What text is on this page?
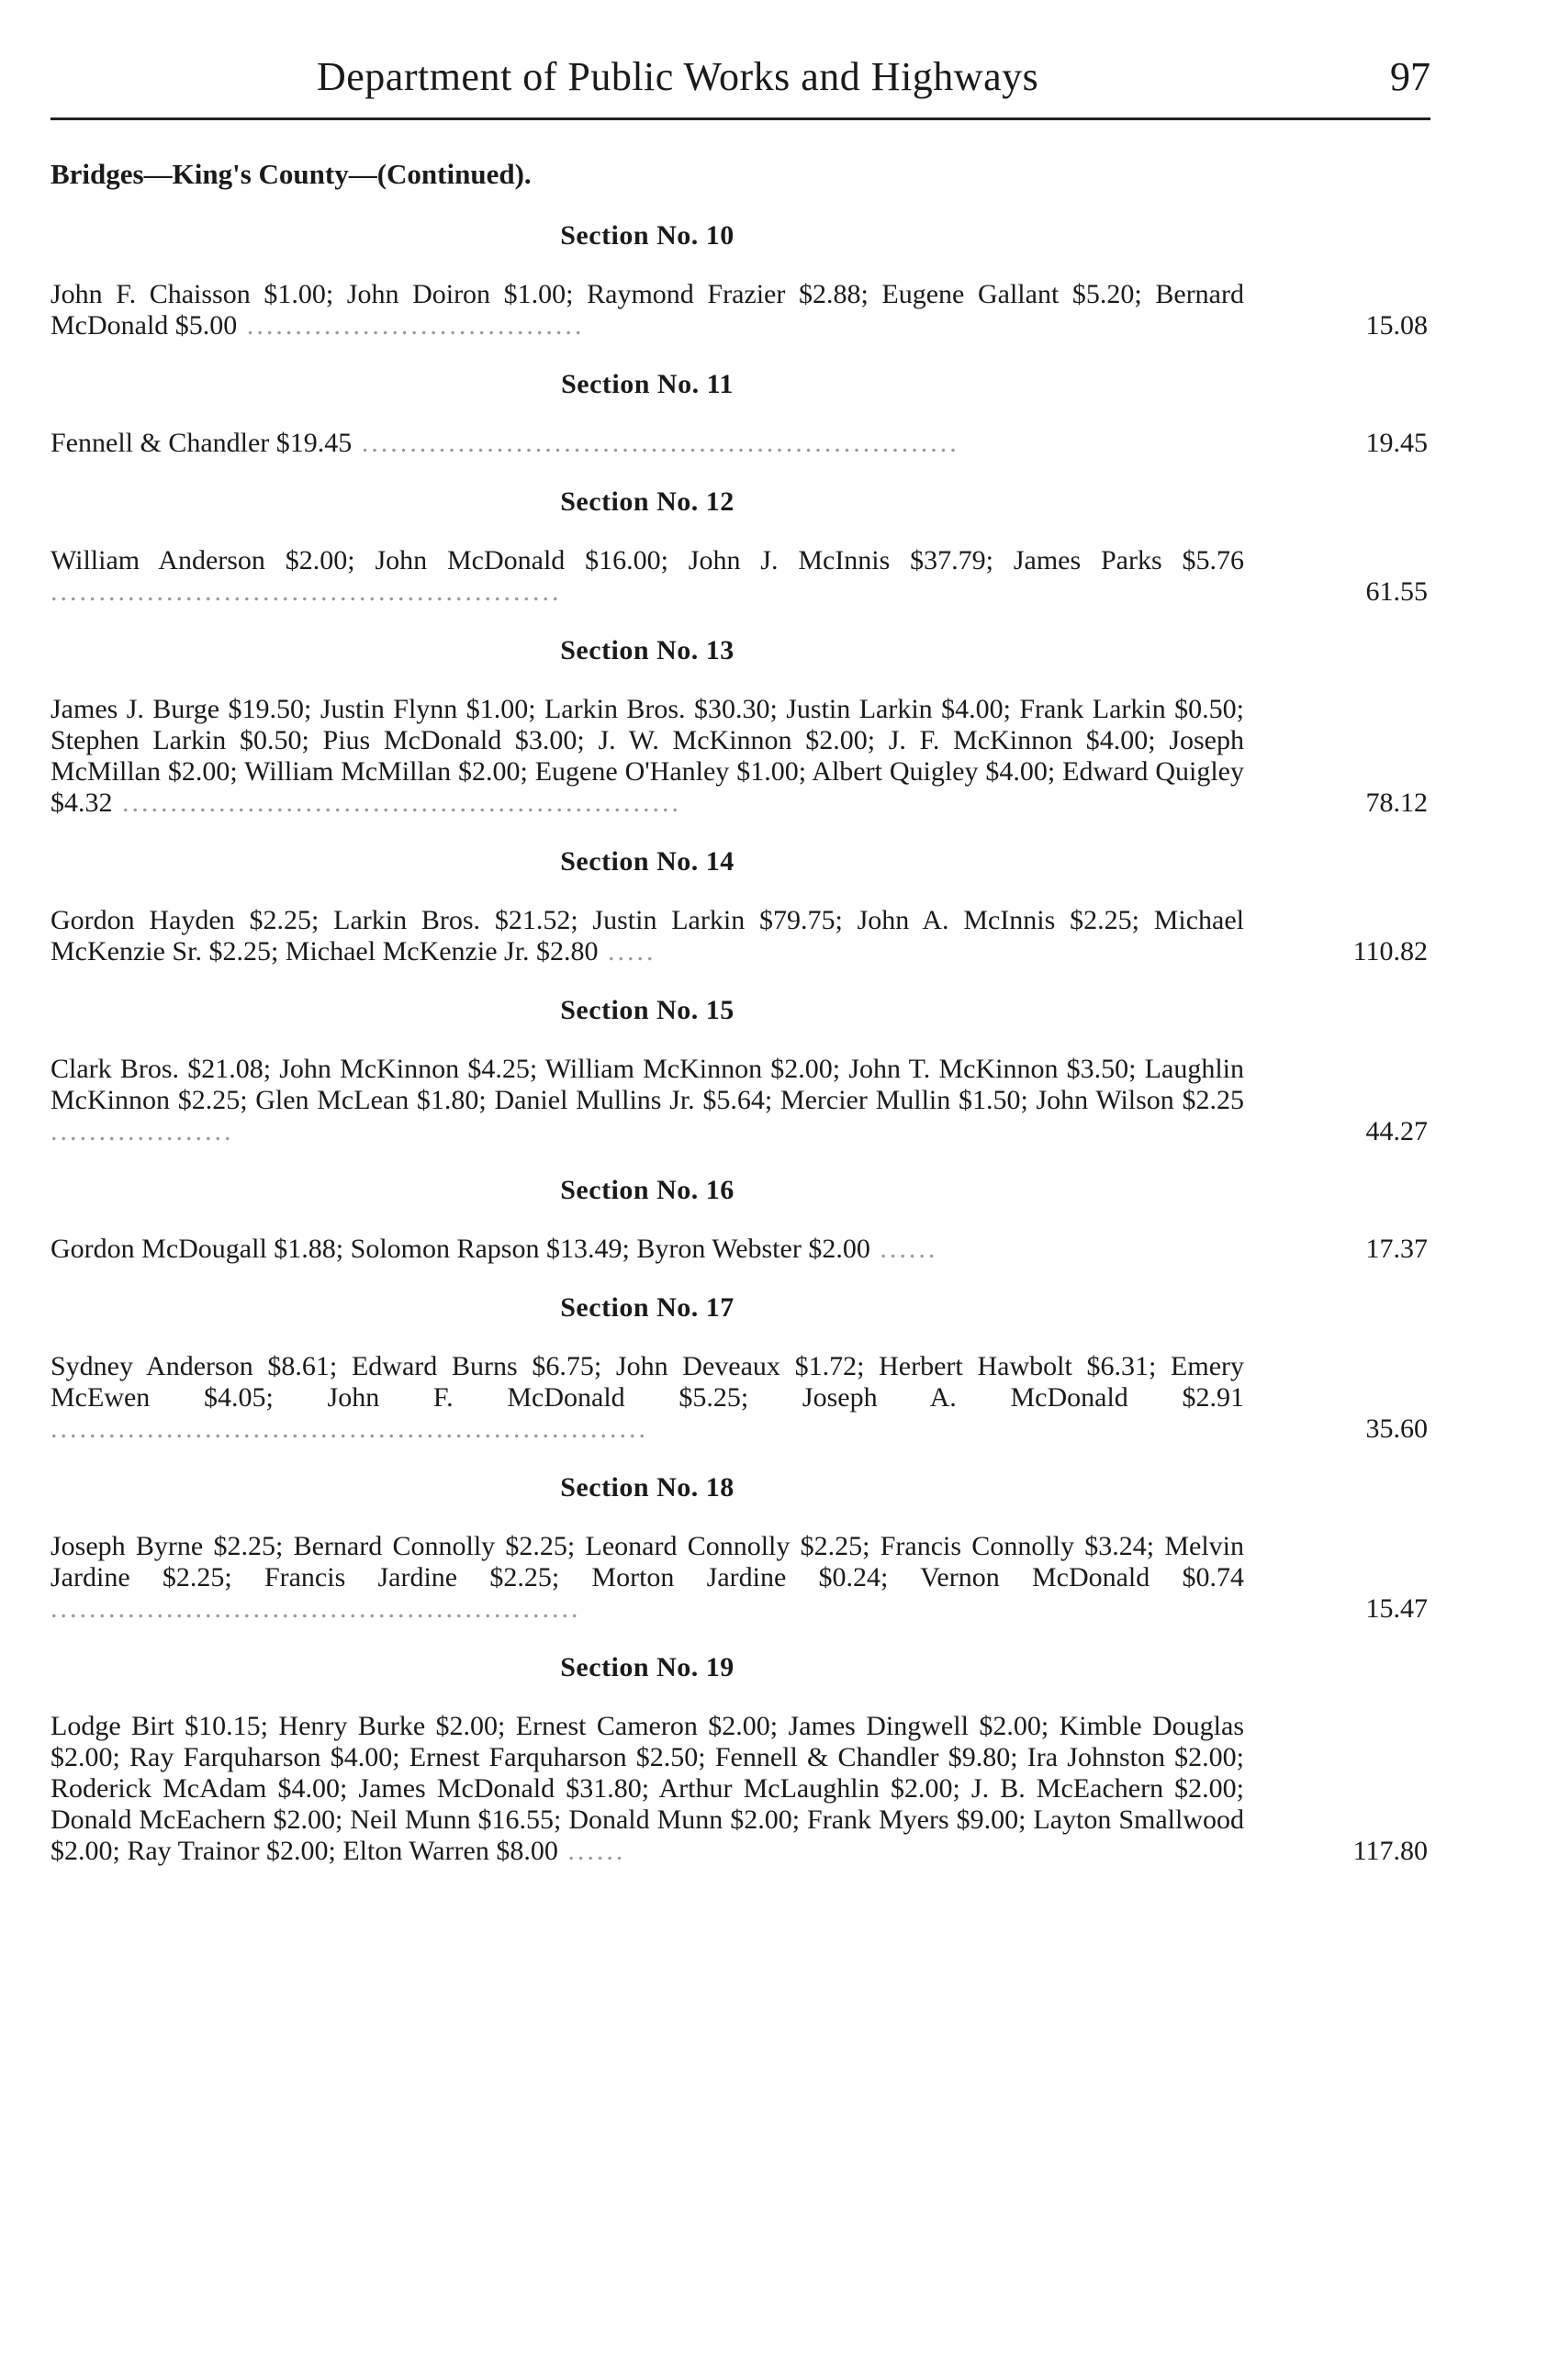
Department of Public Works and Highways	97
Bridges—King's County—(Continued).
Section No. 10
John F. Chaisson $1.00; John Doiron $1.00; Raymond Frazier $2.88; Eugene Gallant $5.20; Bernard McDonald $5.00 ...................................	15.08
Section No. 11
Fennell & Chandler $19.45 ..............................................................	19.45
Section No. 12
William Anderson $2.00; John McDonald $16.00; John J. McInnis $37.79; James Parks $5.76 .....................................................	61.55
Section No. 13
James J. Burge $19.50; Justin Flynn $1.00; Larkin Bros. $30.30; Justin Larkin $4.00; Frank Larkin $0.50; Stephen Larkin $0.50; Pius McDonald $3.00; J. W. McKinnon $2.00; J. F. McKinnon $4.00; Joseph McMillan $2.00; William McMillan $2.00; Eugene O'Hanley $1.00; Albert Quigley $4.00; Edward Quigley $4.32 ..........................................................	78.12
Section No. 14
Gordon Hayden $2.25; Larkin Bros. $21.52; Justin Larkin $79.75; John A. McInnis $2.25; Michael McKenzie Sr. $2.25; Michael McKenzie Jr. $2.80 .....	110.82
Section No. 15
Clark Bros. $21.08; John McKinnon $4.25; William McKinnon $2.00; John T. McKinnon $3.50; Laughlin McKinnon $2.25; Glen McLean $1.80; Daniel Mullins Jr. $5.64; Mercier Mullin $1.50; John Wilson $2.25 ...................	44.27
Section No. 16
Gordon McDougall $1.88; Solomon Rapson $13.49; Byron Webster $2.00 ......	17.37
Section No. 17
Sydney Anderson $8.61; Edward Burns $6.75; John Deveaux $1.72; Herbert Hawbolt $6.31; Emery McEwen $4.05; John F. McDonald $5.25; Joseph A. McDonald $2.91 ..............................................................	35.60
Section No. 18
Joseph Byrne $2.25; Bernard Connolly $2.25; Leonard Connolly $2.25; Francis Connolly $3.24; Melvin Jardine $2.25; Francis Jardine $2.25; Morton Jardine $0.24; Vernon McDonald $0.74 .......................................................	15.47
Section No. 19
Lodge Birt $10.15; Henry Burke $2.00; Ernest Cameron $2.00; James Dingwell $2.00; Kimble Douglas $2.00; Ray Farquharson $4.00; Ernest Farquharson $2.50; Fennell & Chandler $9.80; Ira Johnston $2.00; Roderick McAdam $4.00; James McDonald $31.80; Arthur McLaughlin $2.00; J. B. McEachern $2.00; Donald McEachern $2.00; Neil Munn $16.55; Donald Munn $2.00; Frank Myers $9.00; Layton Smallwood $2.00; Ray Trainor $2.00; Elton Warren $8.00 ......	117.80
